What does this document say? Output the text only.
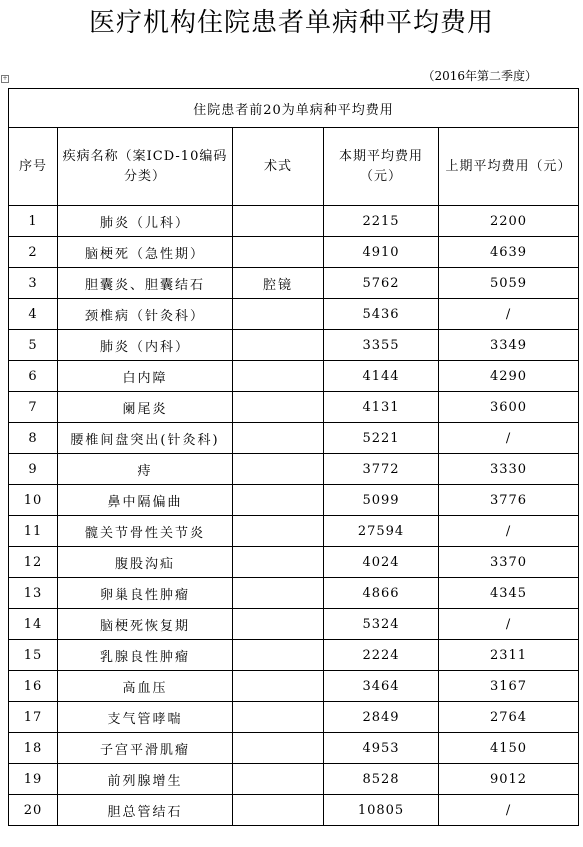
医疗机构住院患者单病种平均费用
+	（2016年第二季度）
住院患者前20为单病种平均费用				
序号	疾病名称（案ICD-10编码分类）	术式	本期平均费用（元）	上期平均费用（元）
1	肺炎（儿科）		2215	2200
2	脑梗死（急性期）		4910	4639
3	胆囊炎、胆囊结石	腔镜	5762	5059
4	颈椎病（针灸科）		5436	/
5	肺炎（内科）		3355	3349
6	白内障		4144	4290
7	阑尾炎		4131	3600
8	腰椎间盘突出(针灸科)		5221	/
9	痔		3772	3330
10	鼻中隔偏曲		5099	3776
11	髋关节骨性关节炎		27594	/
12	腹股沟疝		4024	3370
13	卵巢良性肿瘤		4866	4345
14	脑梗死恢复期		5324	/
15	乳腺良性肿瘤		2224	2311
16	高血压		3464	3167
17	支气管哮喘		2849	2764
18	子宫平滑肌瘤		4953	4150
19	前列腺增生		8528	9012
20	胆总管结石		10805	/
